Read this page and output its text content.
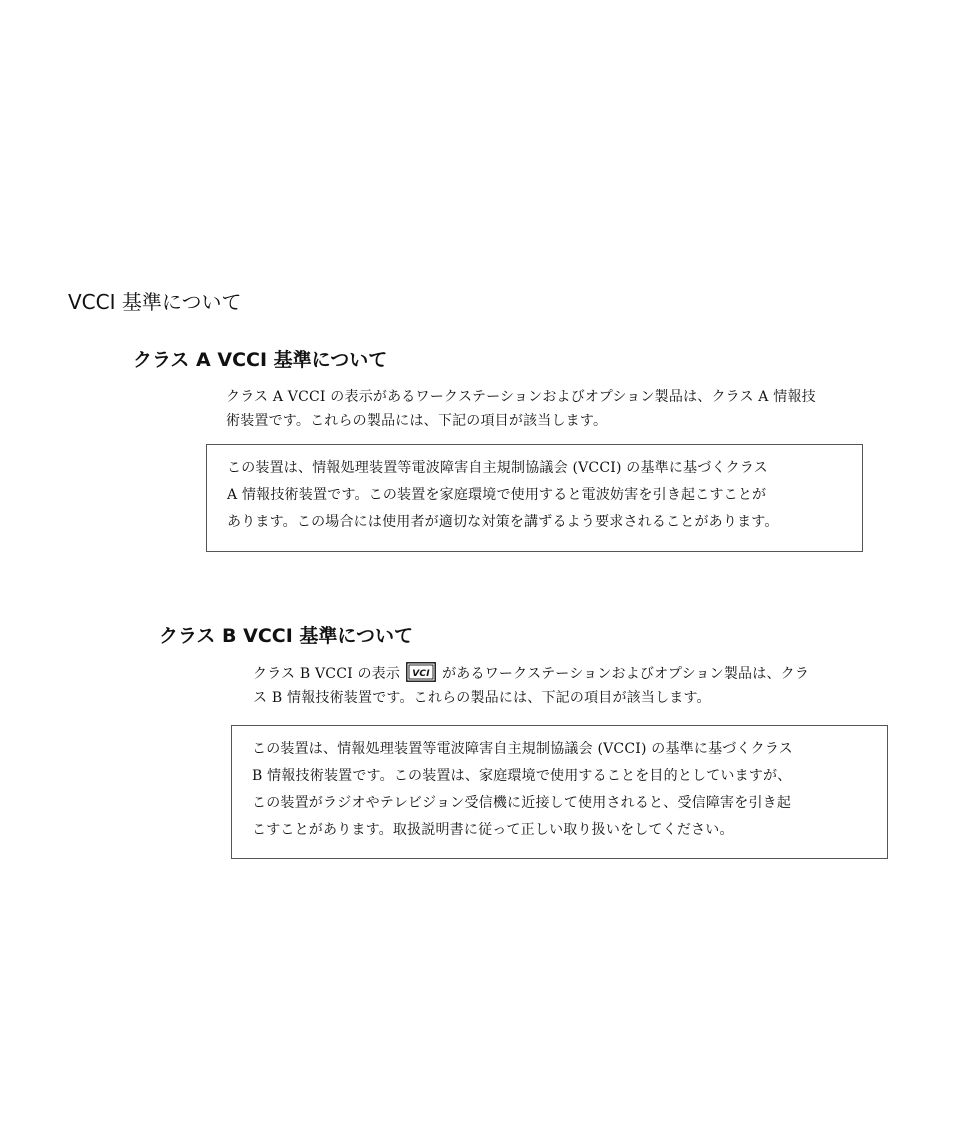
VCCI 基準について
クラス A VCCI 基準について

クラス A VCCI の表示があるワークステーションおよびオプション製品は、クラス A 情報技
術装置です。これらの製品には、下記の項目が該当します。

この装置は、情報処理装置等電波障害自主規制協議会 (VCCI) の基準に基づくクラス
A 情報技術装置です。この装置を家庭環境で使用すると電波妨害を引き起こすことが
あります。この場合には使用者が適切な対策を講ずるよう要求されることがあります。
クラス B VCCI 基準について

クラス B VCCI の表示 VCI があるワークステーションおよびオプション製品は、クラ
ス B 情報技術装置です。これらの製品には、下記の項目が該当します。

この装置は、情報処理装置等電波障害自主規制協議会 (VCCI) の基準に基づくクラス
B 情報技術装置です。この装置は、家庭環境で使用することを目的としていますが、
この装置がラジオやテレビジョン受信機に近接して使用されると、受信障害を引き起
こすことがあります。取扱説明書に従って正しい取り扱いをしてください。
